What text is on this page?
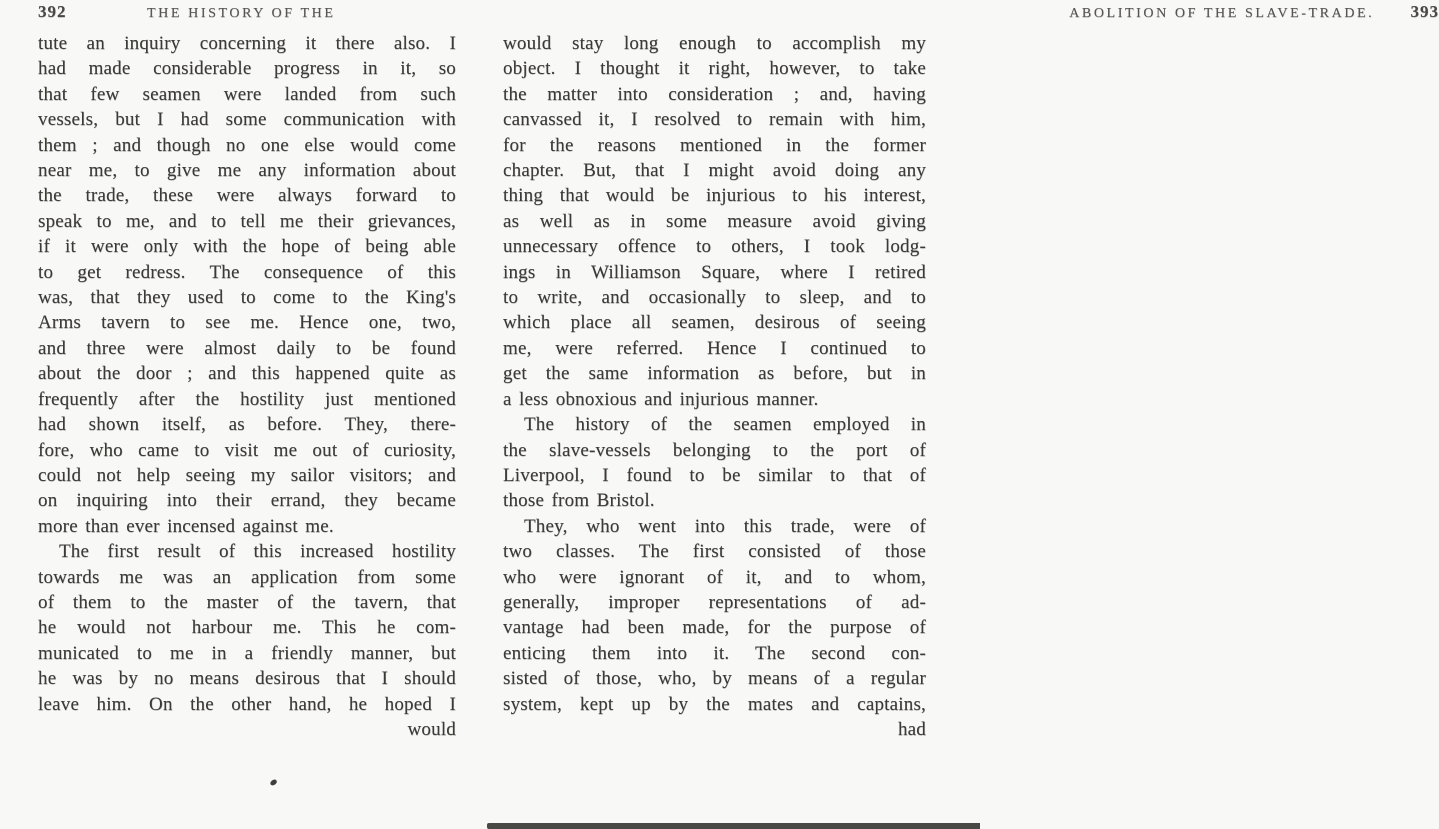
392	THE HISTORY OF THE
tute an inquiry concerning it there also. I
had made considerable progress in it, so
that few seamen were landed from such
vessels, but I had some communication with
them ; and though no one else would come
near me, to give me any information about
the trade, these were always forward to
speak to me, and to tell me their grievances,
if it were only with the hope of being able
to get redress. The consequence of this
was, that they used to come to the King's
Arms tavern to see me. Hence one, two,
and three were almost daily to be found
about the door ; and this happened quite as
frequently after the hostility just mentioned
had shown itself, as before. They, there-
fore, who came to visit me out of curiosity,
could not help seeing my sailor visitors; and
on inquiring into their errand, they became
more than ever incensed against me.
The first result of this increased hostility
towards me was an application from some
of them to the master of the tavern, that
he would not harbour me. This he com-
municated to me in a friendly manner, but
he was by no means desirous that I should
leave him. On the other hand, he hoped I
would
ABOLITION OF THE SLAVE-TRADE.	393
would stay long enough to accomplish my
object. I thought it right, however, to take
the matter into consideration ; and, having
canvassed it, I resolved to remain with him,
for the reasons mentioned in the former
chapter. But, that I might avoid doing any
thing that would be injurious to his interest,
as well as in some measure avoid giving
unnecessary offence to others, I took lodg-
ings in Williamson Square, where I retired
to write, and occasionally to sleep, and to
which place all seamen, desirous of seeing
me, were referred. Hence I continued to
get the same information as before, but in
a less obnoxious and injurious manner.
The history of the seamen employed in
the slave-vessels belonging to the port of
Liverpool, I found to be similar to that of
those from Bristol.
They, who went into this trade, were of
two classes. The first consisted of those
who were ignorant of it, and to whom,
generally, improper representations of ad-
vantage had been made, for the purpose of
enticing them into it. The second con-
sisted of those, who, by means of a regular
system, kept up by the mates and captains,
had
